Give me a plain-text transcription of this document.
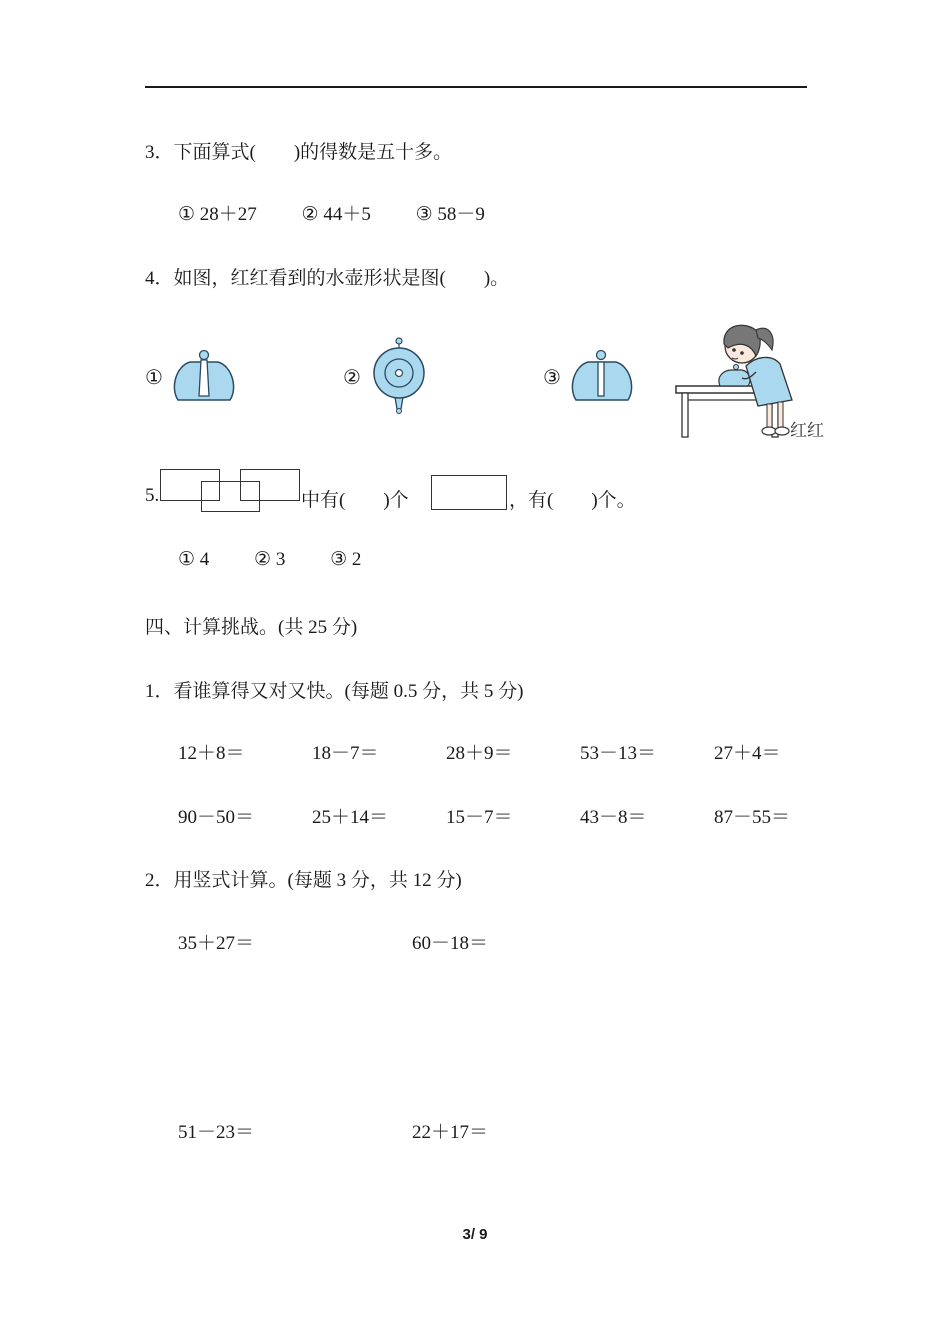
3．下面算式(　　)的得数是五十多。
① 28＋27 ② 44＋5 ③ 58－9
4．如图，红红看到的水壶形状是图(　　)。
①	②	③
红红
5.	中有(　　)个	，有(　　)个。
① 4 ② 3 ③ 2
四、计算挑战。(共 25 分)
1．看谁算得又对又快。(每题 0.5 分，共 5 分)
12＋8＝	18－7＝	28＋9＝	53－13＝	27＋4＝
90－50＝	25＋14＝	15－7＝	43－8＝	87－55＝
2．用竖式计算。(每题 3 分，共 12 分)
35＋27＝	60－18＝
51－23＝	22＋17＝
3/ 9
